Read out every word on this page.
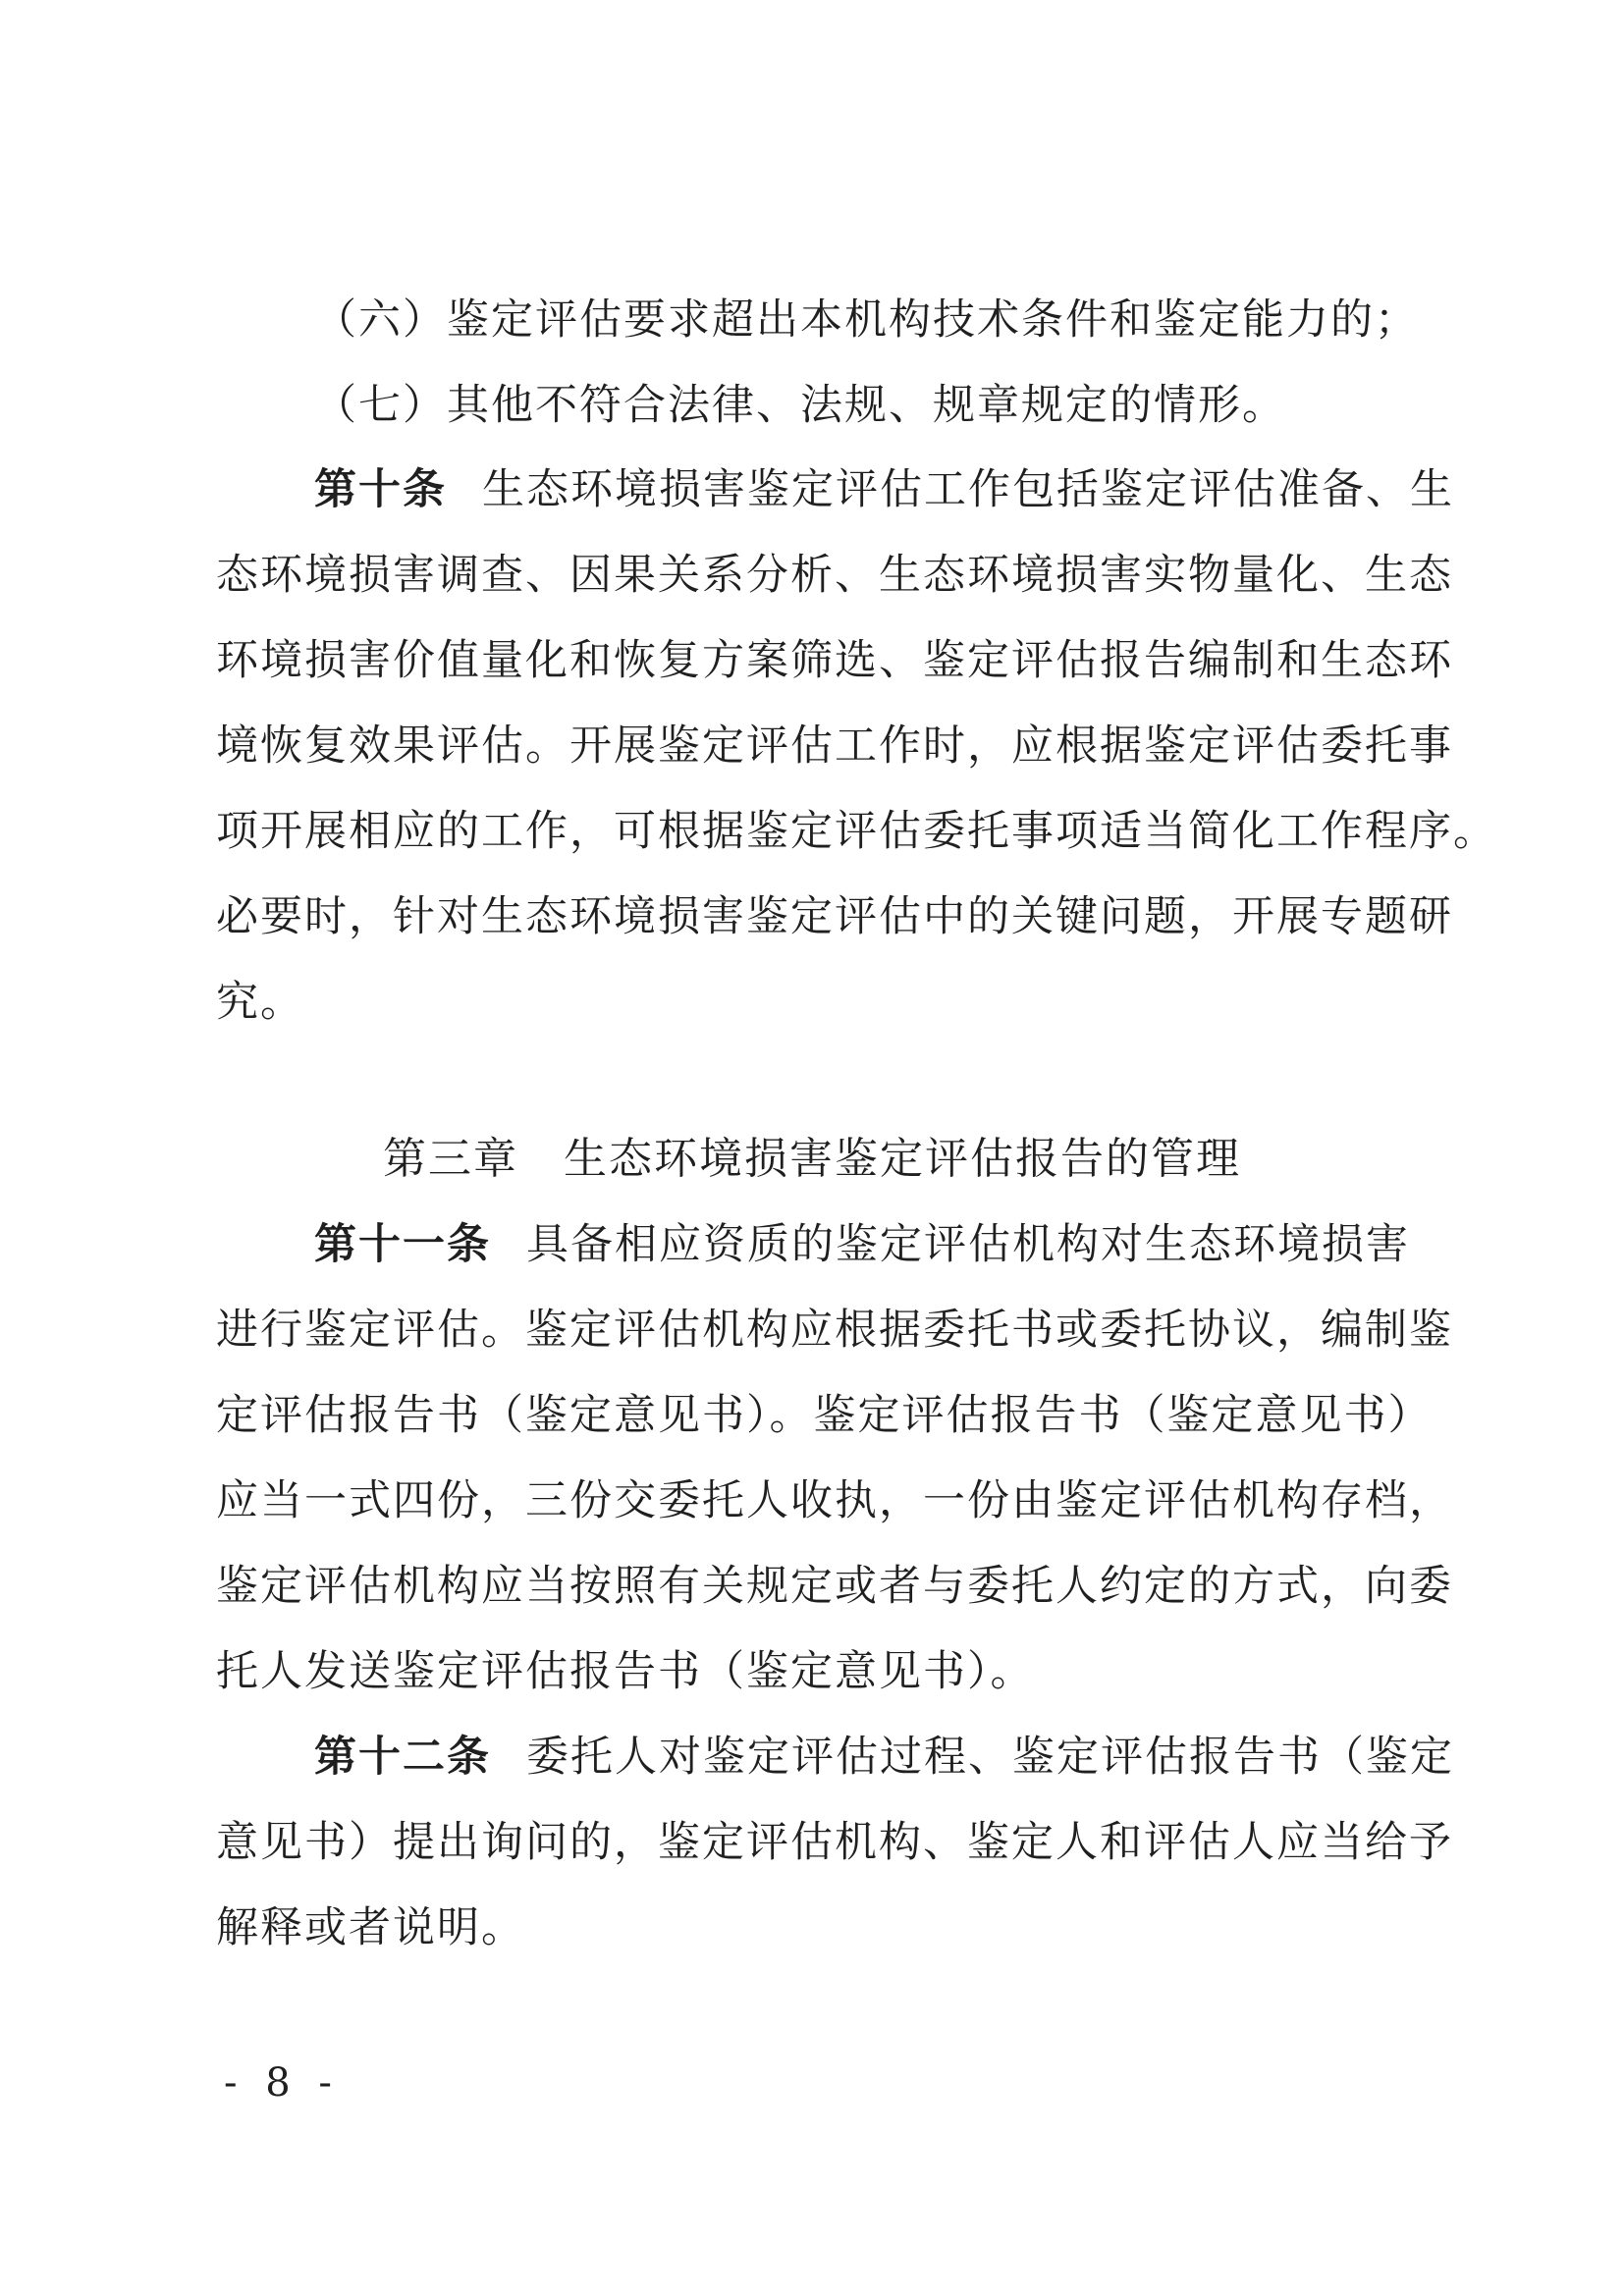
（六）鉴定评估要求超出本机构技术条件和鉴定能力的；
（七）其他不符合法律、法规、规章规定的情形。
第十条 生态环境损害鉴定评估工作包括鉴定评估准备、生
态环境损害调查、因果关系分析、生态环境损害实物量化、生态
环境损害价值量化和恢复方案筛选、鉴定评估报告编制和生态环
境恢复效果评估。开展鉴定评估工作时，应根据鉴定评估委托事
项开展相应的工作，可根据鉴定评估委托事项适当简化工作程序。
必要时，针对生态环境损害鉴定评估中的关键问题，开展专题研
究。
第三章　生态环境损害鉴定评估报告的管理
第十一条 具备相应资质的鉴定评估机构对生态环境损害
进行鉴定评估。鉴定评估机构应根据委托书或委托协议，编制鉴
定评估报告书（鉴定意见书）。鉴定评估报告书（鉴定意见书）
应当一式四份，三份交委托人收执，一份由鉴定评估机构存档，
鉴定评估机构应当按照有关规定或者与委托人约定的方式，向委
托人发送鉴定评估报告书（鉴定意见书）。
第十二条 委托人对鉴定评估过程、鉴定评估报告书（鉴定
意见书）提出询问的，鉴定评估机构、鉴定人和评估人应当给予
解释或者说明。
- 8 -
